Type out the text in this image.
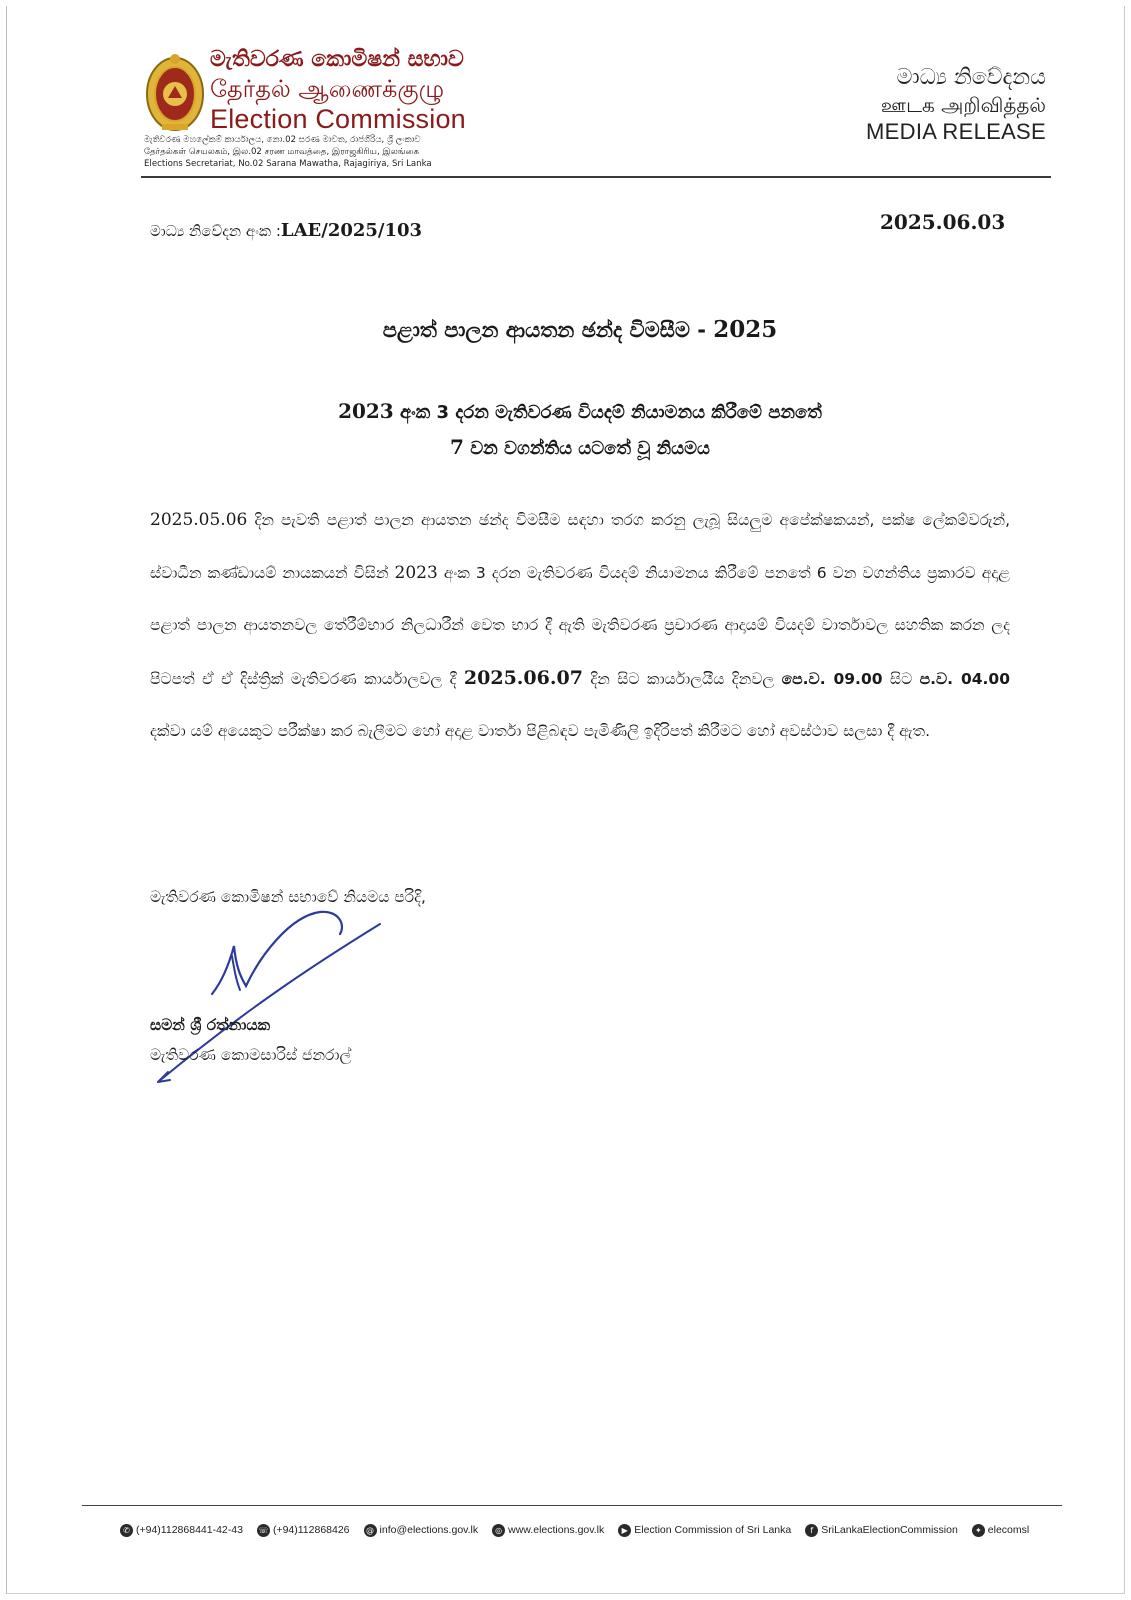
මැතිවරණ කොමිෂන් සභාව
தேர்தல் ஆணைக்குழு
Election Commission
මැතිවරණ මහලේකම් කාර්යාලය, නො.02 සරණ මාවත, රාජගිරිය, ශ්‍රී ලංකාව
தேர்தல்கள் செயலகம், இல.02 சரண மாவத்தை, இராஜகிரிய, இலங்கை
Elections Secretariat, No.02 Sarana Mawatha, Rajagiriya, Sri Lanka
මාධ්‍ය නිවේදනය
ஊடக அறிவித்தல்
MEDIA RELEASE
මාධ්‍ය නිවේදන අංක :LAE/2025/103	2025.06.03
පළාත් පාලන ආයතන ඡන්ද විමසීම - 2025
2023 අංක 3 දරන මැතිවරණ වියදම් නියාමනය කිරීමේ පනතේ
7 වන වගන්තිය යටතේ වූ නියමය
2025.05.06 දින පැවති පළාත් පාලන ආයතන ඡන්ද විමසීම සඳහා තරග කරනු ලැබූ සියලුම අපේක්ෂකයන්, පක්ෂ ලේකම්වරුන්, ස්වාධීන කණ්ඩායම් නායකයන් විසින් 2023 අංක 3 දරන මැතිවරණ වියදම් නියාමනය කිරීමේ පනතේ 6 වන වගන්තිය ප්‍රකාරව අදාළ පළාත් පාලන ආයතනවල තේරීම්භාර නිලධාරීන් වෙත භාර දී ඇති මැතිවරණ ප්‍රචාරණ ආදායම් වියදම් වාර්තාවල සහතික කරන ලද පිටපත් ඒ ඒ දිස්ත්‍රික් මැතිවරණ කාර්යාලවල දී 2025.06.07 දින සිට කාර්යාලයීය දිනවල පෙ.ව. 09.00 සිට ප.ව. 04.00 දක්වා යම් අයෙකුට පරීක්ෂා කර බැලීමට හෝ අදාළ වාර්තා පිළිබඳව පැමිණිලි ඉදිරිපත් කිරීමට හෝ අවස්ථාව සලසා දී ඇත.
මැතිවරණ කොමිෂන් සභාවේ නියමය පරිදි,
සමන් ශ්‍රී රත්නායක
මැතිවරණ කොමසාරිස් ජනරාල්
✆ (+94)112868441-42-43 ☏ (+94)112868426	@ info@elections.gov.lk	◎ www.elections.gov.lk	▶ Election Commission of Sri Lanka	f SriLankaElectionCommission	✦ elecomsl
